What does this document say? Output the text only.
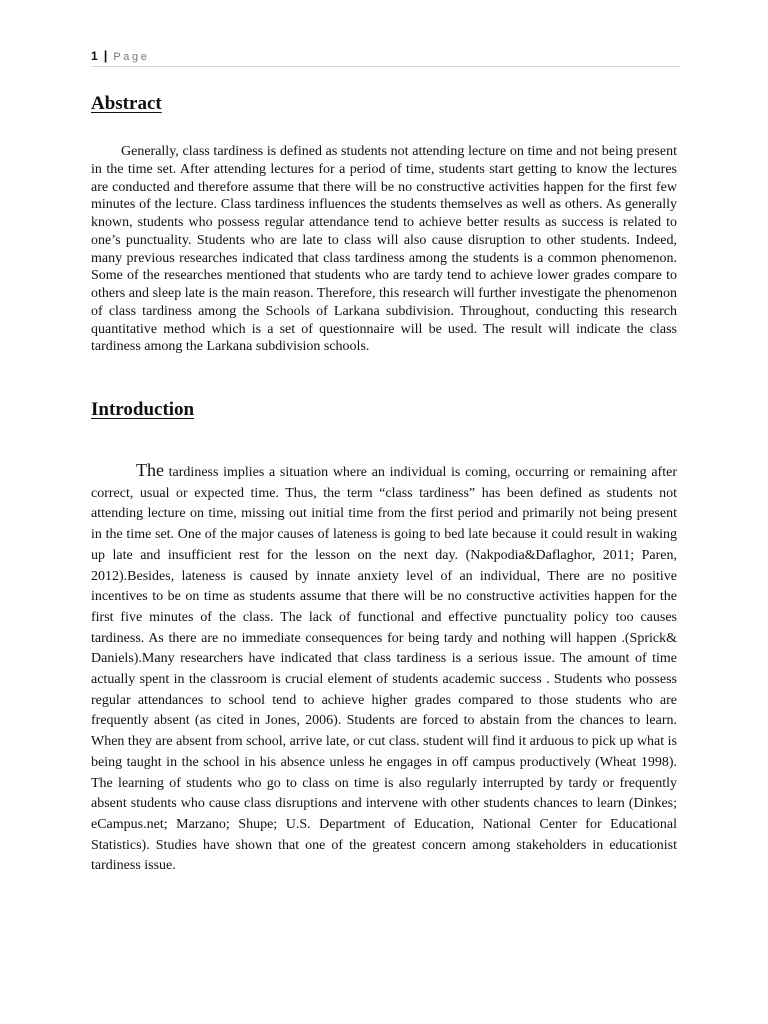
1 | Page
Abstract

Generally, class tardiness is defined as students not attending lecture on time and not being present in the time set. After attending lectures for a period of time, students start getting to know the lectures are conducted and therefore assume that there will be no constructive activities happen for the first few minutes of the lecture. Class tardiness influences the students themselves as well as others. As generally known, students who possess regular attendance tend to achieve better results as success is related to one’s punctuality. Students who are late to class will also cause disruption to other students. Indeed, many previous researches indicated that class tardiness among the students is a common phenomenon. Some of the researches mentioned that students who are tardy tend to achieve lower grades compare to others and sleep late is the main reason. Therefore, this research will further investigate the phenomenon of class tardiness among the Schools of Larkana subdivision. Throughout, conducting this research quantitative method which is a set of questionnaire will be used. The result will indicate the class tardiness among the Larkana subdivision schools.

Introduction

The tardiness implies a situation where an individual is coming, occurring or remaining after correct, usual or expected time. Thus, the term “class tardiness” has been defined as students not attending lecture on time, missing out initial time from the first period and primarily not being present in the time set. One of the major causes of lateness is going to bed late because it could result in waking up late and insufficient rest for the lesson on the next day. (Nakpodia&Daflaghor, 2011; Paren, 2012).Besides, lateness is caused by innate anxiety level of an individual, There are no positive incentives to be on time as students assume that there will be no constructive activities happen for the first five minutes of the class. The lack of functional and effective punctuality policy too causes tardiness. As there are no immediate consequences for being tardy and nothing will happen .(Sprick& Daniels).Many researchers have indicated that class tardiness is a serious issue. The amount of time actually spent in the classroom is crucial element of students academic success . Students who possess regular attendances to school tend to achieve higher grades compared to those students who are frequently absent (as cited in Jones, 2006). Students are forced to abstain from the chances to learn. When they are absent from school, arrive late, or cut class. student will find it arduous to pick up what is being taught in the school in his absence unless he engages in off campus productively (Wheat 1998). The learning of students who go to class on time is also regularly interrupted by tardy or frequently absent students who cause class disruptions and intervene with other students chances to learn (Dinkes; eCampus.net; Marzano; Shupe; U.S. Department of Education, National Center for Educational Statistics). Studies have shown that one of the greatest concern among stakeholders in educationist tardiness issue.
